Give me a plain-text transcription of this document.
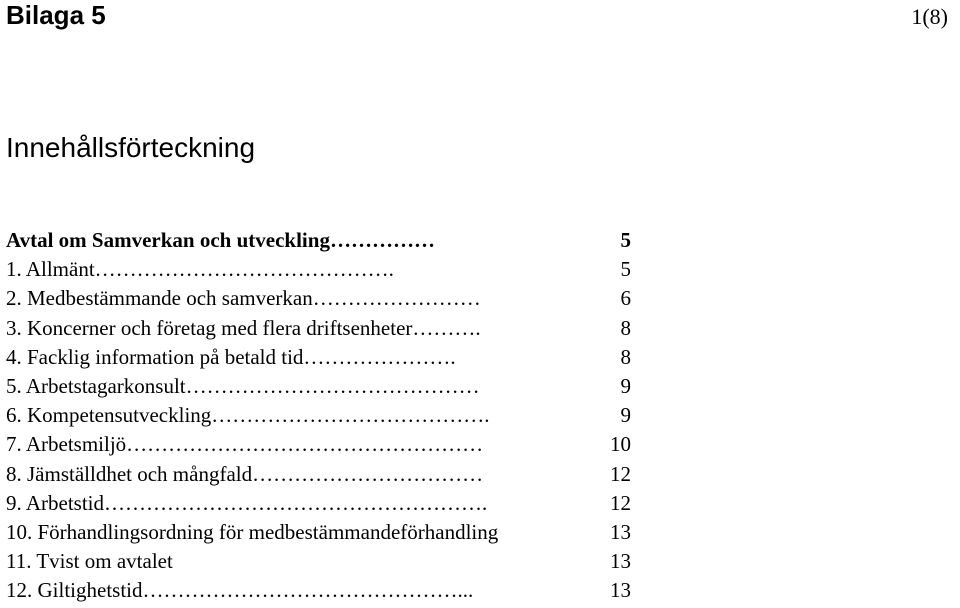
Bilaga 5	1(8)
Innehållsförteckning
Avtal om Samverkan och utveckling……………	5
1. Allmänt…………………………………….	5
2. Medbestämmande och samverkan……………………	6
3. Koncerner och företag med flera driftsenheter……….	8
4. Facklig information på betald tid………………….	8
5. Arbetstagarkonsult……………………………………	9
6. Kompetensutveckling………………………………….	9
7. Arbetsmiljö……………………………………………	10
8. Jämställdhet och mångfald……………………………	12
9. Arbetstid……………………………………………….	12
10. Förhandlingsordning för medbestämmandeförhandling	13
11. Tvist om avtalet	13
12. Giltighetstid………………………………………...	13
